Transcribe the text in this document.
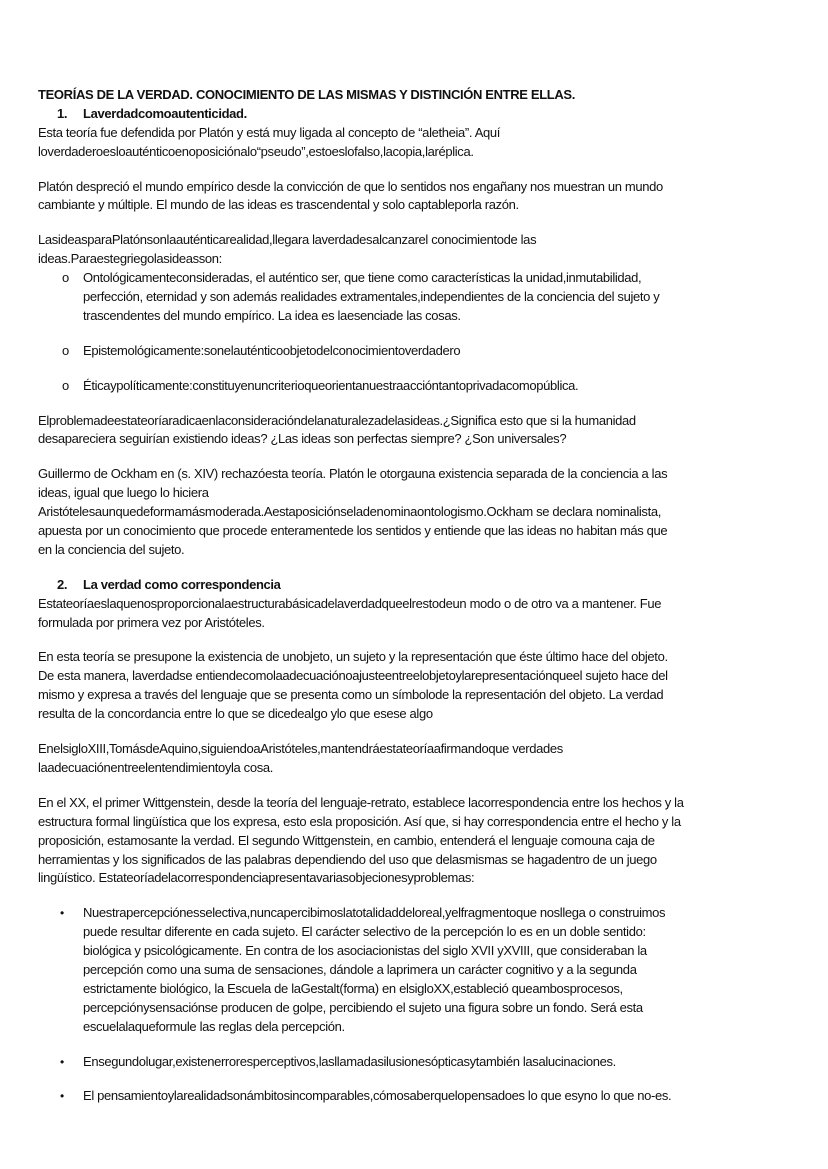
TEORÍAS DE LA VERDAD. CONOCIMIENTO DE LAS MISMAS Y DISTINCIÓN ENTRE ELLAS.
1. Laverdadcomoautenticidad.
Esta teoría fue defendida por Platón y está muy ligada al concepto de “aletheia”. Aquí
loverdaderoesloauténticoenoposiciónalo“pseudo”,estoeslofalso,lacopia,laréplica.
Platón despreció el mundo empírico desde la convicción de que lo sentidos nos engañany nos muestran un mundo
cambiante y múltiple. El mundo de las ideas es trascendental y solo captableporla razón.
LasideasparaPlatónsonlaauténticarealidad,llegara laverdadesalcanzarel conocimientode las
ideas.Paraestegriegolasideasson:
o Ontológicamenteconsideradas, el auténtico ser, que tiene como características la unidad,inmutabilidad,
perfección, eternidad y son además realidades extramentales,independientes de la conciencia del sujeto y
trascendentes del mundo empírico. La idea es laesenciade las cosas.
o Epistemológicamente:sonelauténticoobjetodelconocimientoverdadero
o Éticaypolíticamente:constituyenuncriterioqueorientanuestraaccióntantoprivadacomopública.
Elproblemadeestateoríaradicaenlaconsideracióndelanaturalezadelasideas.¿Significa esto que si la humanidad
desapareciera seguirían existiendo ideas? ¿Las ideas son perfectas siempre? ¿Son universales?
Guillermo de Ockham en (s. XIV) rechazóesta teoría. Platón le otorgauna existencia separada de la conciencia a las
ideas, igual que luego lo hiciera
Aristótelesaunquedeformamásmoderada.Aestaposiciónseladenominaontologismo.Ockham se declara nominalista,
apuesta por un conocimiento que procede enteramentede los sentidos y entiende que las ideas no habitan más que
en la conciencia del sujeto.
2. La verdad como correspondencia
Estateoríaeslaquenosproporcionalaestructurabásicadelaverdadqueelrestodeun modo o de otro va a mantener. Fue
formulada por primera vez por Aristóteles.
En esta teoría se presupone la existencia de unobjeto, un sujeto y la representación que éste último hace del objeto.
De esta manera, laverdadse entiendecomolaadecuaciónoajusteentreelobjetoylarepresentaciónqueel sujeto hace del
mismo y expresa a través del lenguaje que se presenta como un símbolode la representación del objeto. La verdad
resulta de la concordancia entre lo que se dicedealgo ylo que esese algo
EnelsigloXIII,TomásdeAquino,siguiendoaAristóteles,mantendráestateoríaafirmandoque verdades
laadecuaciónentreelentendimientoyla cosa.
En el XX, el primer Wittgenstein, desde la teoría del lenguaje-retrato, establece lacorrespondencia entre los hechos y la
estructura formal lingüística que los expresa, esto esla proposición. Así que, si hay correspondencia entre el hecho y la
proposición, estamosante la verdad. El segundo Wittgenstein, en cambio, entenderá el lenguaje comouna caja de
herramientas y los significados de las palabras dependiendo del uso que delasmismas se hagadentro de un juego
lingüístico. Estateoríadelacorrespondenciapresentavariasobjecionesyproblemas:
• Nuestrapercepciónesselectiva,nuncapercibimoslatotalidaddeloreal,yelfragmentoque nosllega o construimos
puede resultar diferente en cada sujeto. El carácter selectivo de la percepción lo es en un doble sentido:
biológica y psicológicamente. En contra de los asociacionistas del siglo XVII yXVIII, que consideraban la
percepción como una suma de sensaciones, dándole a laprimera un carácter cognitivo y a la segunda
estrictamente biológico, la Escuela de laGestalt(forma) en elsigloXX,estableció queambosprocesos,
percepciónysensaciónse producen de golpe, percibiendo el sujeto una figura sobre un fondo. Será esta
escuelalaqueformule las reglas dela percepción.
• Ensegundolugar,existenerroresperceptivos,lasllamadasilusionesópticasytambién lasalucinaciones.
• El pensamientoylarealidadsonámbitosincomparables,cómosaberquelopensadoes lo que esyno lo que no-es.
